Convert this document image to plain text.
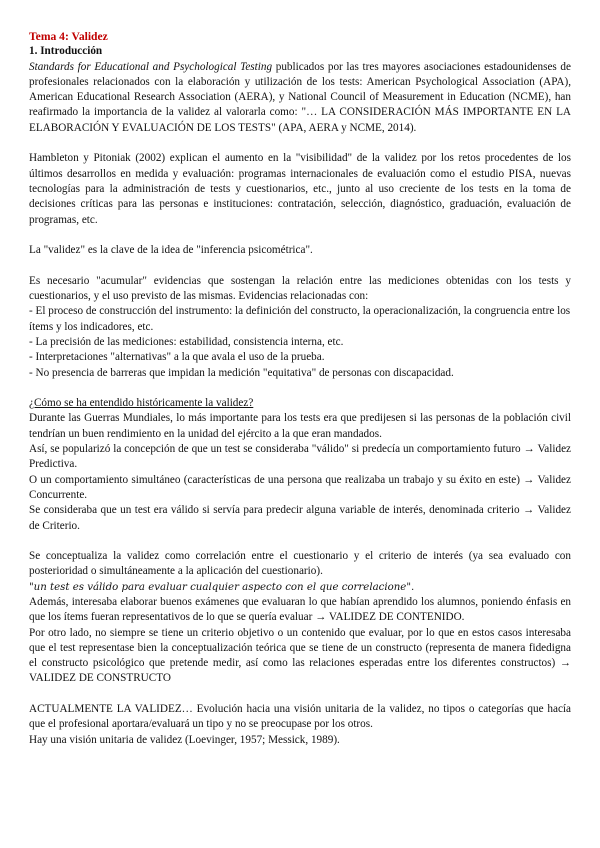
Tema 4: Validez
1. Introducción

Standards for Educational and Psychological Testing publicados por las tres mayores asociaciones estadounidenses de profesionales relacionados con la elaboración y utilización de los tests: American Psychological Association (APA), American Educational Research Association (AERA), y National Council of Measurement in Education (NCME), han reafirmado la importancia de la validez al valorarla como: "… LA CONSIDERACIÓN MÁS IMPORTANTE EN LA ELABORACIÓN Y EVALUACIÓN DE LOS TESTS" (APA, AERA y NCME, 2014).

Hambleton y Pitoniak (2002) explican el aumento en la "visibilidad" de la validez por los retos procedentes de los últimos desarrollos en medida y evaluación: programas internacionales de evaluación como el estudio PISA, nuevas tecnologías para la administración de tests y cuestionarios, etc., junto al uso creciente de los tests en la toma de decisiones críticas para las personas e instituciones: contratación, selección, diagnóstico, graduación, evaluación de programas, etc.

La "validez" es la clave de la idea de "inferencia psicométrica".

Es necesario "acumular" evidencias que sostengan la relación entre las mediciones obtenidas con los tests y cuestionarios, y el uso previsto de las mismas. Evidencias relacionadas con:

- El proceso de construcción del instrumento: la definición del constructo, la operacionalización, la congruencia entre los ítems y los indicadores, etc.

- La precisión de las mediciones: estabilidad, consistencia interna, etc.

- Interpretaciones "alternativas" a la que avala el uso de la prueba.

- No presencia de barreras que impidan la medición "equitativa" de personas con discapacidad.

¿Cómo se ha entendido históricamente la validez?

Durante las Guerras Mundiales, lo más importante para los tests era que predijesen si las personas de la población civil tendrían un buen rendimiento en la unidad del ejército a la que eran mandados.

Así, se popularizó la concepción de que un test se consideraba "válido" si predecía un comportamiento futuro → Validez Predictiva.

O un comportamiento simultáneo (características de una persona que realizaba un trabajo y su éxito en este) → Validez Concurrente.

Se consideraba que un test era válido si servía para predecir alguna variable de interés, denominada criterio → Validez de Criterio.

Se conceptualiza la validez como correlación entre el cuestionario y el criterio de interés (ya sea evaluado con posterioridad o simultáneamente a la aplicación del cuestionario).

"un test es válido para evaluar cualquier aspecto con el que correlacione".

Además, interesaba elaborar buenos exámenes que evaluaran lo que habían aprendido los alumnos, poniendo énfasis en que los ítems fueran representativos de lo que se quería evaluar → VALIDEZ DE CONTENIDO.

Por otro lado, no siempre se tiene un criterio objetivo o un contenido que evaluar, por lo que en estos casos interesaba que el test representase bien la conceptualización teórica que se tiene de un constructo (representa de manera fidedigna el constructo psicológico que pretende medir, así como las relaciones esperadas entre los diferentes constructos) → VALIDEZ DE CONSTRUCTO

ACTUALMENTE LA VALIDEZ… Evolución hacia una visión unitaria de la validez, no tipos o categorías que hacía que el profesional aportara/evaluará un tipo y no se preocupase por los otros.

Hay una visión unitaria de validez (Loevinger, 1957; Messick, 1989).
